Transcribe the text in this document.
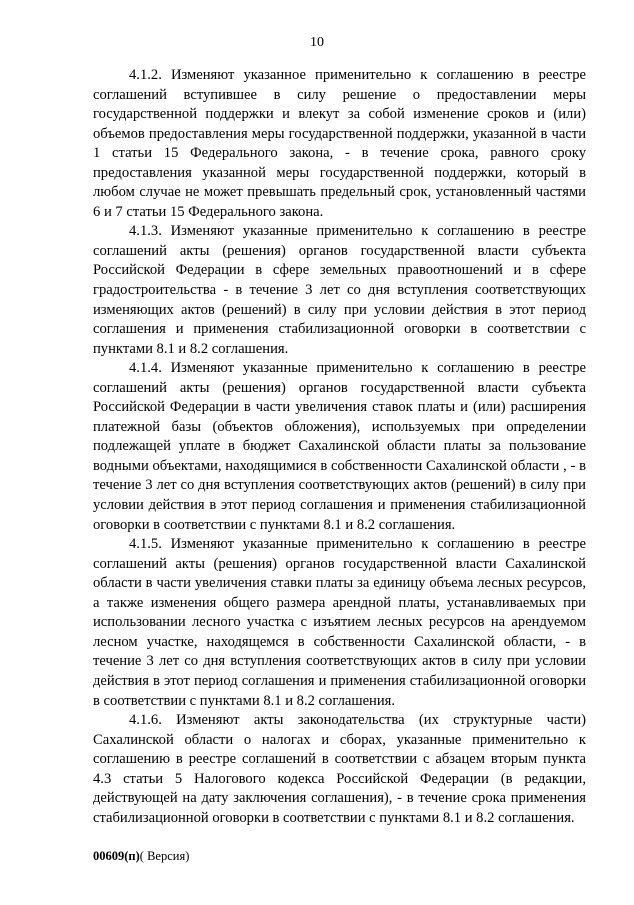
10

4.1.2. Изменяют указанное применительно к соглашению в реестре соглашений вступившее в силу решение о предоставлении меры государственной поддержки и влекут за собой изменение сроков и (или) объемов предоставления меры государственной поддержки, указанной в части 1 статьи 15 Федерального закона, - в течение срока, равного сроку предоставления указанной меры государственной поддержки, который в любом случае не может превышать предельный срок, установленный частями 6 и 7 статьи 15 Федерального закона.

4.1.3. Изменяют указанные применительно к соглашению в реестре соглашений акты (решения) органов государственной власти субъекта Российской Федерации в сфере земельных правоотношений и в сфере градостроительства - в течение 3 лет со дня вступления соответствующих изменяющих актов (решений) в силу при условии действия в этот период соглашения и применения стабилизационной оговорки в соответствии с пунктами 8.1 и 8.2 соглашения.

4.1.4. Изменяют указанные применительно к соглашению в реестре соглашений акты (решения) органов государственной власти субъекта Российской Федерации в части увеличения ставок платы и (или) расширения платежной базы (объектов обложения), используемых при определении подлежащей уплате в бюджет Сахалинской области платы за пользование водными объектами, находящимися в собственности Сахалинской области , - в течение 3 лет со дня вступления соответствующих актов (решений) в силу при условии действия в этот период соглашения и применения стабилизационной оговорки в соответствии с пунктами 8.1 и 8.2 соглашения.

4.1.5. Изменяют указанные применительно к соглашению в реестре соглашений акты (решения) органов государственной власти Сахалинской области в части увеличения ставки платы за единицу объема лесных ресурсов, а также изменения общего размера арендной платы, устанавливаемых при использовании лесного участка с изъятием лесных ресурсов на арендуемом лесном участке, находящемся в собственности Сахалинской области, - в течение 3 лет со дня вступления соответствующих актов в силу при условии действия в этот период соглашения и применения стабилизационной оговорки в соответствии с пунктами 8.1 и 8.2 соглашения.

4.1.6. Изменяют акты законодательства (их структурные части) Сахалинской области о налогах и сборах, указанные применительно к соглашению в реестре соглашений в соответствии с абзацем вторым пункта 4.3 статьи 5 Налогового кодекса Российской Федерации (в редакции, действующей на дату заключения соглашения), - в течение срока применения стабилизационной оговорки в соответствии с пунктами 8.1 и 8.2 соглашения.

00609(п)( Версия)
